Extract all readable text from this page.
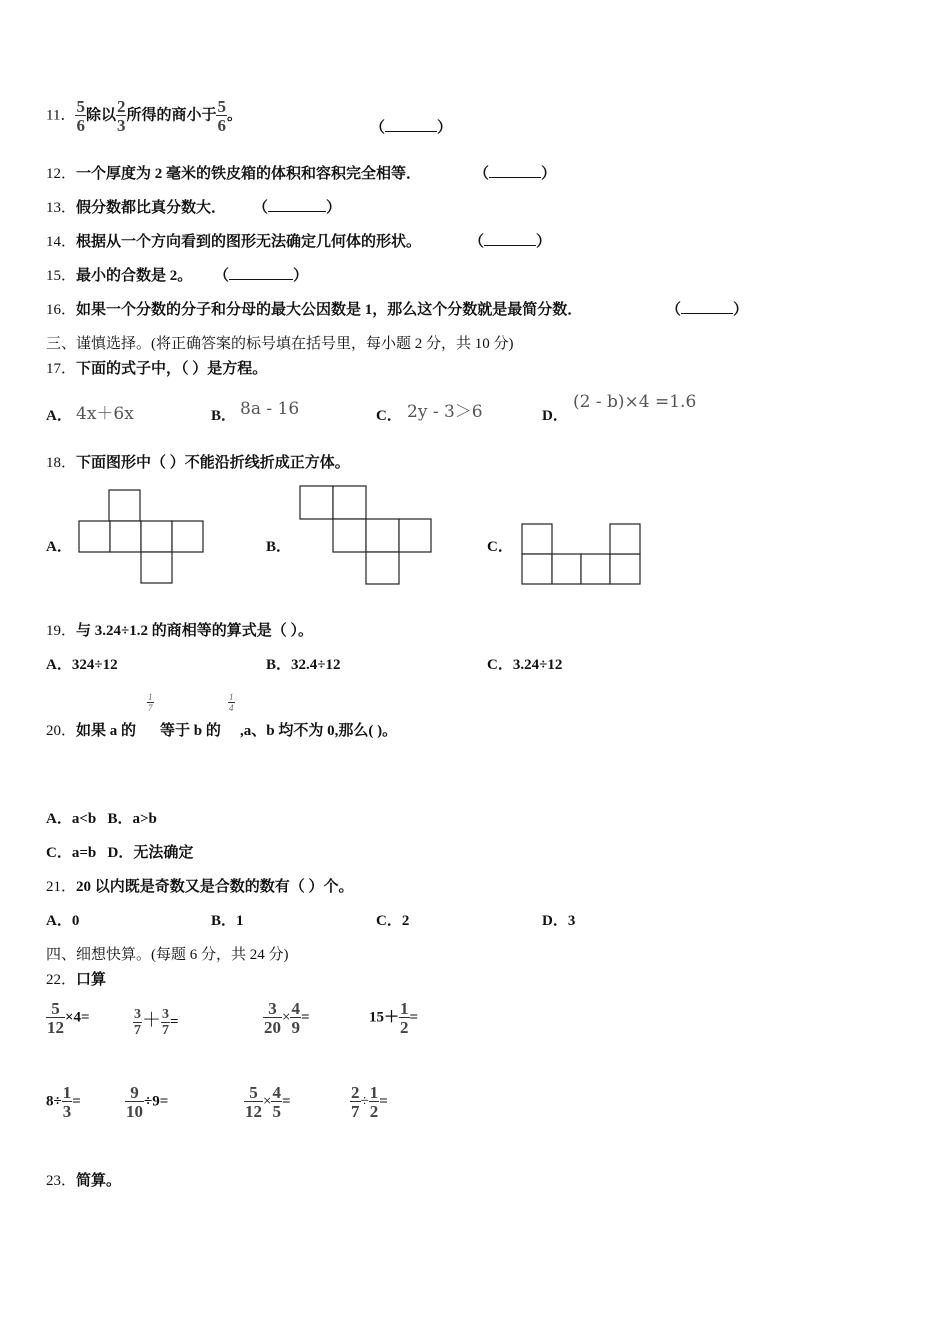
11． $\frac{5}{6}$ 除以 $\frac{2}{3}$ 所得的商小于 $\frac{5}{6}$ 。
（	）
12．一个厚度为 2 毫米的铁皮箱的体积和容积完全相等．	（	）
13．假分数都比真分数大． （	）
14．根据从一个方向看到的图形无法确定几何体的形状。	（	）
15．最小的合数是 2。 （	）
16．如果一个分数的分子和分母的最大公因数是 1，那么这个分数就是最简分数．	（	）
三、谨慎选择。(将正确答案的标号填在括号里，每小题 2 分，共 10 分)
17．下面的式子中，（ ）是方程。
A． 4x＋6x	B． 8a - 16	C． 2y - 3＞6	D．
(2 - b)×4 =1.6
18．下面图形中（ ）不能沿折线折成正方体。
A．	B．	C．
19．与 3.24÷1.2 的商相等的算式是（ ）。
A．324÷12	B．32.4÷12	C．3.24÷12
20．如果 a 的
$\frac{1}{7}$
等于 b 的
$\frac{1}{4}$
,a、b 均不为 0,那么( )。
A．a<b B．a>b
C．a=b D．无法确定
21．20 以内既是奇数又是合数的数有（ ）个。
A．0	B．1	C．2	D．3
四、细想快算。(每题 6 分，共 24 分)
22．口算
$\frac{5}{12} \times 4=$	$\frac{3}{7} + \frac{3}{7}$ =	$\frac{3}{20} \times \frac{4}{9}$ =	$15+ \frac{1}{2}$ =
$8\div \frac{1}{3}$ =	$\frac{9}{10} \div 9=$	$\frac{5}{12} \times \frac{4}{5}$ =	$\frac{2}{7} \div \frac{1}{2}$ =
23．简算。
